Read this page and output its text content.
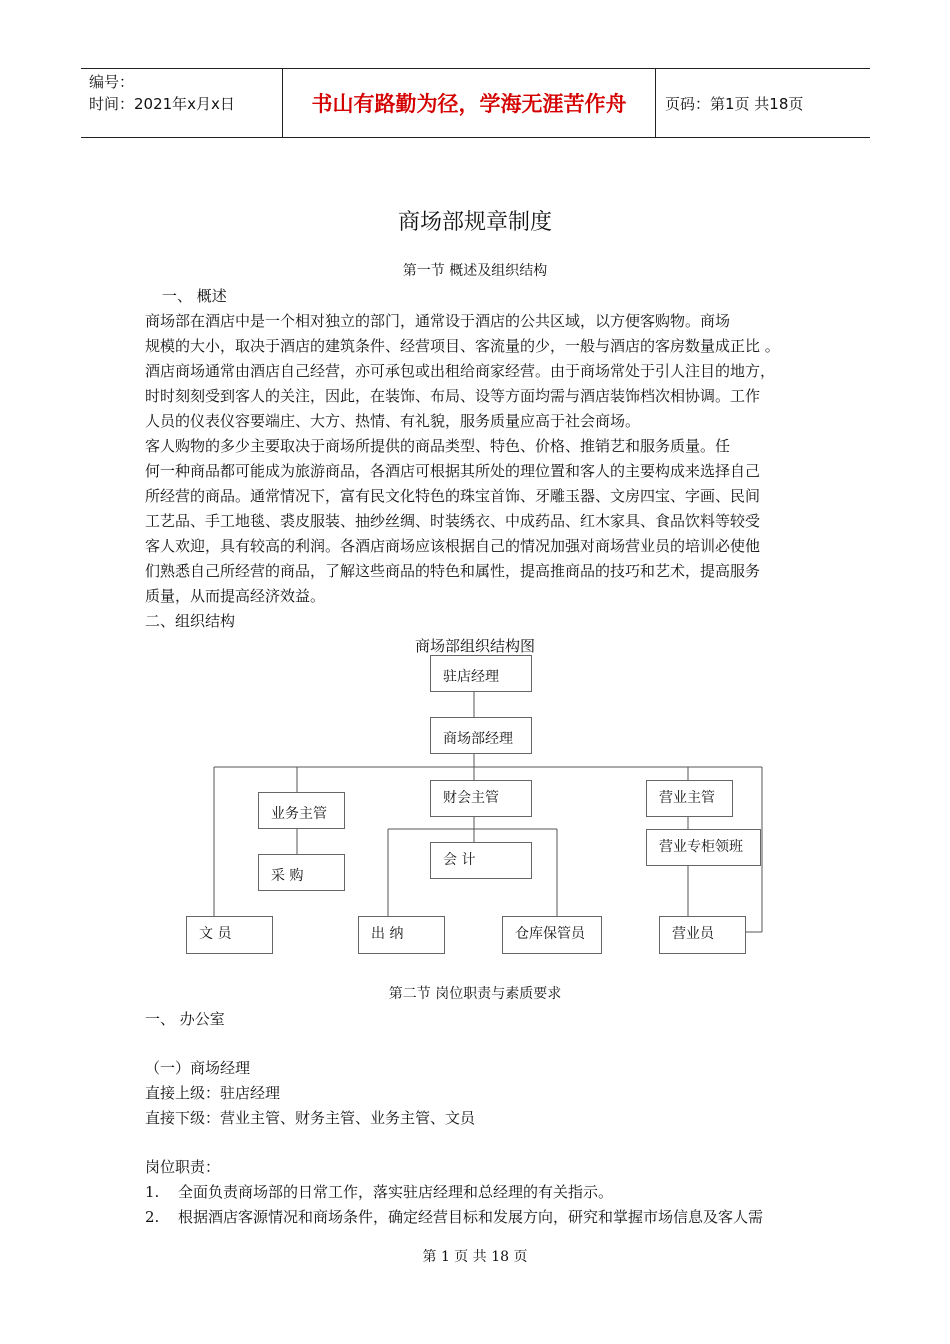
编号：
时间：2021年x月x日	书山有路勤为径，学海无涯苦作舟	页码：第1页 共18页
商场部规章制度
第一节 概述及组织结构
一、 概述
商场部在酒店中是一个相对独立的部门，通常设于酒店的公共区域，以方便客购物。商场
规模的大小，取决于酒店的建筑条件、经营项目、客流量的少，一般与酒店的客房数量成正比 。
酒店商场通常由酒店自己经营，亦可承包或出租给商家经营。由于商场常处于引人注目的地方，
时时刻刻受到客人的关注，因此，在装饰、布局、设等方面均需与酒店装饰档次相协调。工作
人员的仪表仪容要端庄、大方、热情、有礼貌，服务质量应高于社会商场。
客人购物的多少主要取决于商场所提供的商品类型、特色、价格、推销艺和服务质量。任
何一种商品都可能成为旅游商品，各酒店可根据其所处的理位置和客人的主要构成来选择自己
所经营的商品。通常情况下，富有民文化特色的珠宝首饰、牙雕玉器、文房四宝、字画、民间
工艺品、手工地毯、裘皮服装、抽纱丝绸、时装绣衣、中成药品、红木家具、食品饮料等较受
客人欢迎，具有较高的利润。各酒店商场应该根据自己的情况加强对商场营业员的培训必使他
们熟悉自己所经营的商品，了解这些商品的特色和属性，提高推商品的技巧和艺术，提高服务
质量，从而提高经济效益。
二、组织结构
商场部组织结构图
驻店经理
商场部经理
业务主管
采 购
财会主管
会 计
营业主管
营业专柜领班
文 员	出 纳	仓库保管员	营业员
第二节 岗位职责与素质要求
一、 办公室
（一）商场经理
直接上级：驻店经理
直接下级：营业主管、财务主管、业务主管、文员
岗位职责：
1. 全面负责商场部的日常工作，落实驻店经理和总经理的有关指示。
2. 根据酒店客源情况和商场条件，确定经营目标和发展方向，研究和掌握市场信息及客人需
第 1 页 共 18 页
